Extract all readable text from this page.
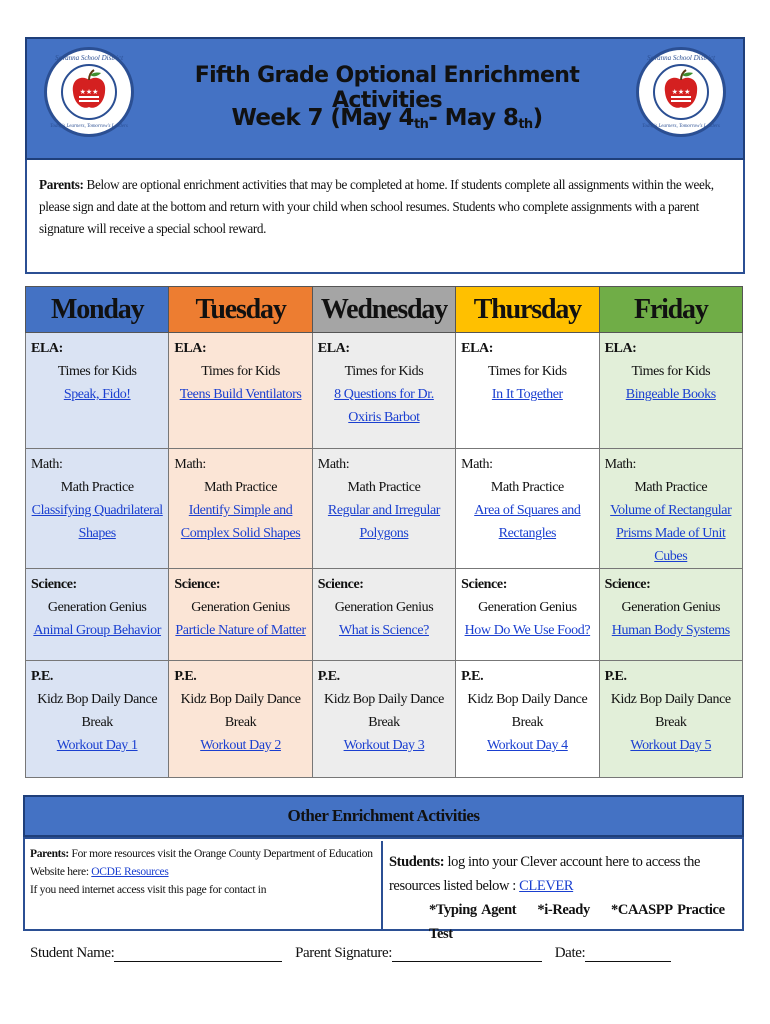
Savanna School District
★★★
Today's Learners, Tomorrow's Leaders
Fifth Grade Optional Enrichment Activities
Week 7 (May 4th- May 8th)
Savanna School District
★★★
Today's Learners, Tomorrow's Leaders
Parents: Below are optional enrichment activities that may be completed at home. If students complete all assignments within the week, please sign and date at the bottom and return with your child when school resumes. Students who complete assignments with a parent signature will receive a special school reward.
Monday	Tuesday	Wednesday	Thursday	Friday

ELA:
Times for Kids
Speak, Fido!	ELA:
Times for Kids
Teens Build Ventilators	ELA:
Times for Kids
8 Questions for Dr. Oxiris Barbot	ELA:
Times for Kids
In It Together	ELA:
Times for Kids
Bingeable Books

Math:
Math Practice
Classifying Quadrilateral Shapes	Math:
Math Practice
Identify Simple and Complex Solid Shapes	Math:
Math Practice
Regular and Irregular Polygons	Math:
Math Practice
Area of Squares and Rectangles	Math:
Math Practice
Volume of Rectangular Prisms Made of Unit Cubes

Science:
Generation Genius
Animal Group Behavior	Science:
Generation Genius
Particle Nature of Matter	Science:
Generation Genius
What is Science?	Science:
Generation Genius
How Do We Use Food?	Science:
Generation Genius
Human Body Systems

P.E.
Kidz Bop Daily Dance Break
Workout Day 1	P.E.
Kidz Bop Daily Dance Break
Workout Day 2	P.E.
Kidz Bop Daily Dance Break
Workout Day 3	P.E.
Kidz Bop Daily Dance Break
Workout Day 4	P.E.
Kidz Bop Daily Dance Break
Workout Day 5
Other Enrichment Activities
Parents: For more resources visit the Orange County Department of Education
Website here: OCDE Resources
If you need internet access visit this page for contact in
Students: log into your Clever account here to access the resources listed below : CLEVER
*Typing Agent *i-Ready *CAASPP Practice Test
Student Name:	Parent Signature:	Date:
